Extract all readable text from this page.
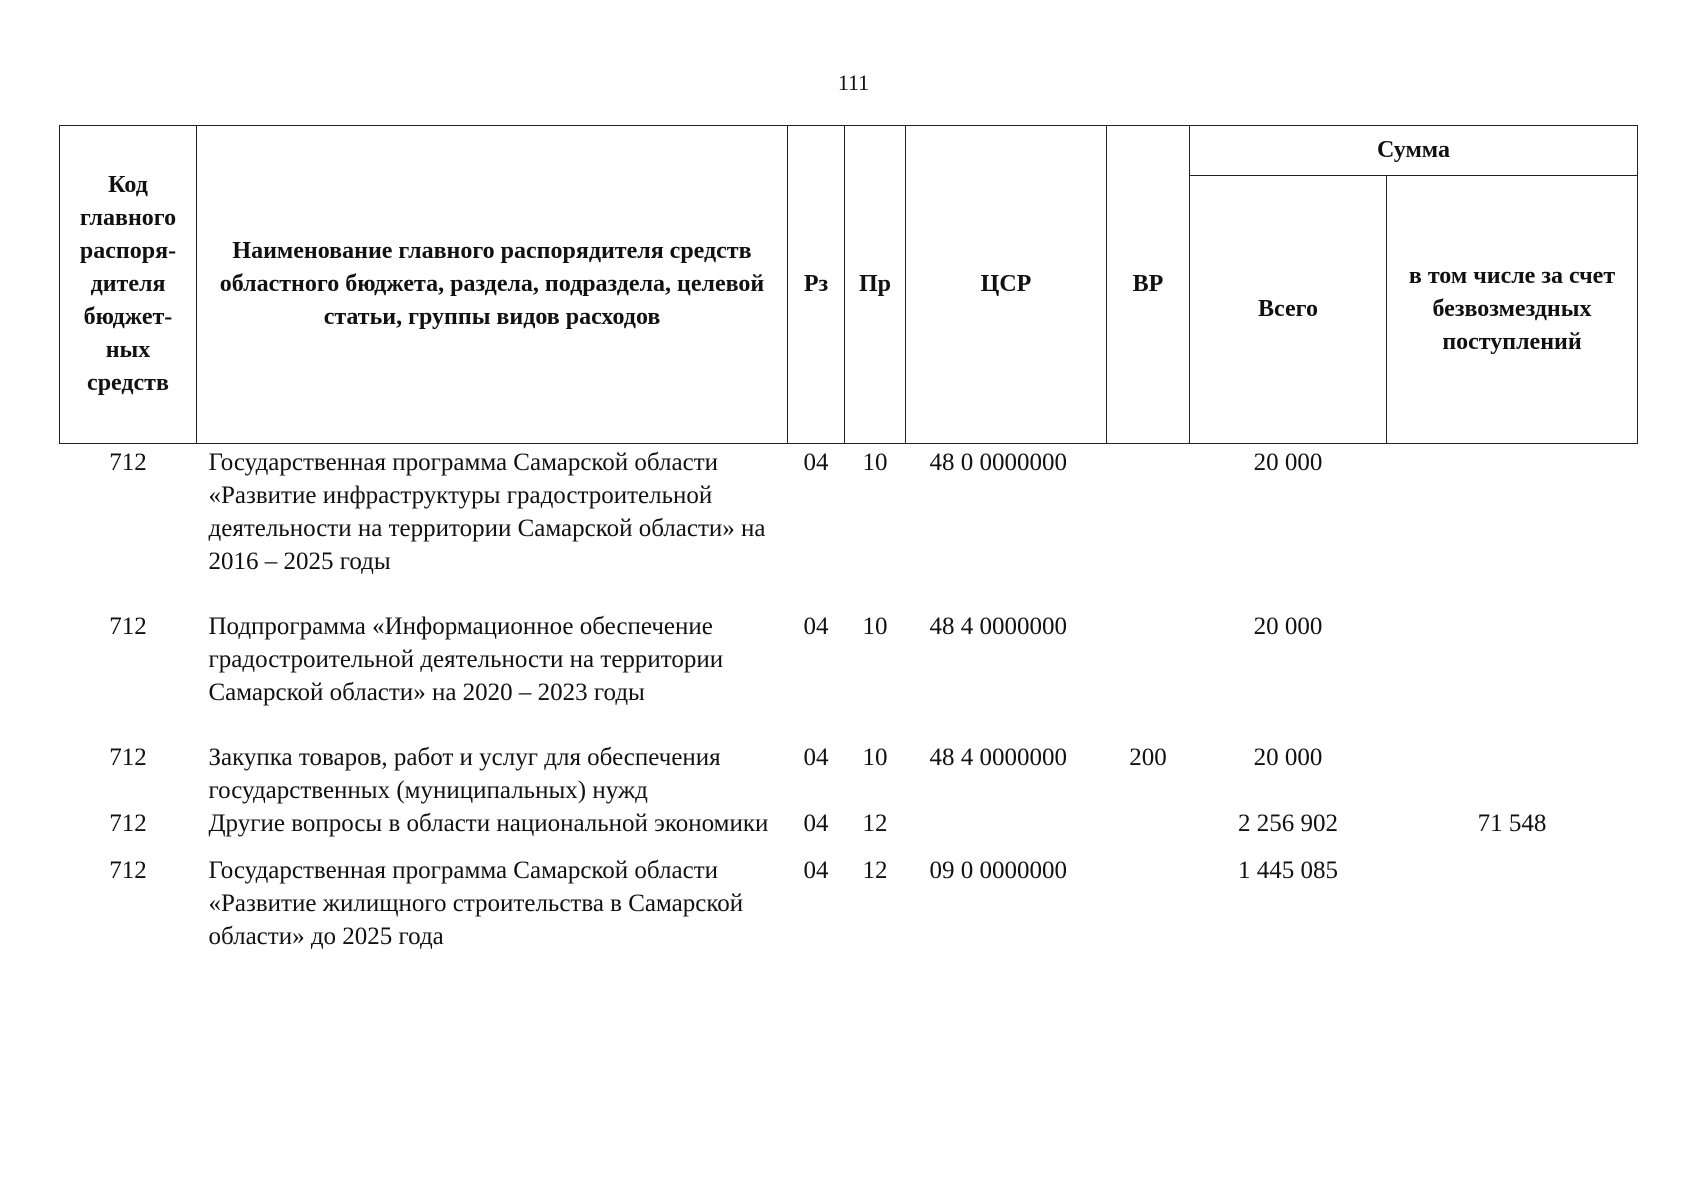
111
Код главного распоря-дителя бюджет-ных средств	Наименование главного распорядителя средств областного бюджета, раздела, подраздела, целевой статьи, группы видов расходов	Рз	Пр	ЦСР	ВР	Сумма	
						Всего	в том числе за счет безвозмездных поступлений
712	Государственная программа Самарской области «Развитие инфраструктуры градостроительной деятельности на территории Самарской области» на 2016 – 2025 годы	04	10	48 0 0000000		20 000	
712	Подпрограмма «Информационное обеспечение градостроительной деятельности на территории Самарской области» на 2020 – 2023 годы	04	10	48 4 0000000		20 000	
712	Закупка товаров, работ и услуг для обеспечения государственных (муниципальных) нужд	04	10	48 4 0000000	200	20 000	
712	Другие вопросы в области национальной экономики	04	12			2 256 902	71 548
712	Государственная программа Самарской области «Развитие жилищного строительства в Самарской области» до 2025 года	04	12	09 0 0000000		1 445 085	
